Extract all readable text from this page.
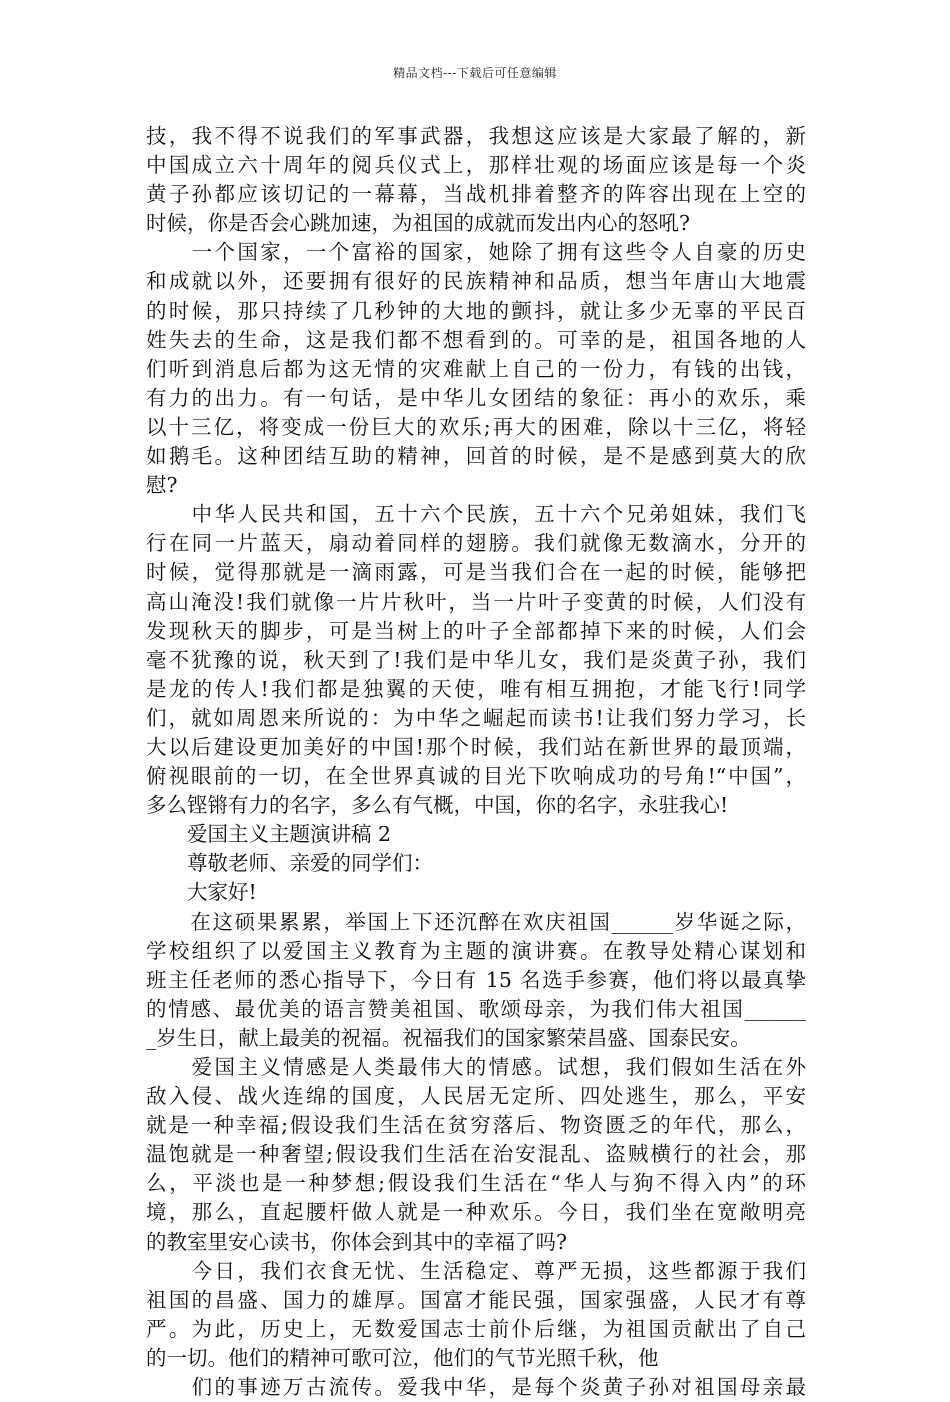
精品文档---下载后可任意编辑
技，我不得不说我们的军事武器，我想这应该是大家最了解的，新
中国成立六十周年的阅兵仪式上，那样壮观的场面应该是每一个炎
黄子孙都应该切记的一幕幕，当战机排着整齐的阵容出现在上空的
时候，你是否会心跳加速，为祖国的成就而发出内心的怒吼?
　　一个国家，一个富裕的国家，她除了拥有这些令人自豪的历史
和成就以外，还要拥有很好的民族精神和品质，想当年唐山大地震
的时候，那只持续了几秒钟的大地的颤抖，就让多少无辜的平民百
姓失去的生命，这是我们都不想看到的。可幸的是，祖国各地的人
们听到消息后都为这无情的灾难献上自己的一份力，有钱的出钱，
有力的出力。有一句话，是中华儿女团结的象征：再小的欢乐，乘
以十三亿，将变成一份巨大的欢乐;再大的困难，除以十三亿，将轻
如鹅毛。这种团结互助的精神，回首的时候，是不是感到莫大的欣
慰?
　　中华人民共和国，五十六个民族，五十六个兄弟姐妹，我们飞
行在同一片蓝天，扇动着同样的翅膀。我们就像无数滴水，分开的
时候，觉得那就是一滴雨露，可是当我们合在一起的时候，能够把
高山淹没!我们就像一片片秋叶，当一片叶子变黄的时候，人们没有
发现秋天的脚步，可是当树上的叶子全部都掉下来的时候，人们会
毫不犹豫的说，秋天到了!我们是中华儿女，我们是炎黄子孙，我们
是龙的传人!我们都是独翼的天使，唯有相互拥抱，才能飞行!同学
们，就如周恩来所说的：为中华之崛起而读书!让我们努力学习，长
大以后建设更加美好的中国!那个时候，我们站在新世界的最顶端，
俯视眼前的一切，在全世界真诚的目光下吹响成功的号角!“中国”，
多么铿锵有力的名字，多么有气概，中国，你的名字，永驻我心!
　　爱国主义主题演讲稿 2
　　尊敬老师、亲爱的同学们：
　　大家好!
　　在这硕果累累，举国上下还沉醉在欢庆祖国______岁华诞之际，
学校组织了以爱国主义教育为主题的演讲赛。在教导处精心谋划和
班主任老师的悉心指导下，今日有 15 名选手参赛，他们将以最真挚
的情感、最优美的语言赞美祖国、歌颂母亲，为我们伟大祖国______
_岁生日，献上最美的祝福。祝福我们的国家繁荣昌盛、国泰民安。
　　爱国主义情感是人类最伟大的情感。试想，我们假如生活在外
敌入侵、战火连绵的国度，人民居无定所、四处逃生，那么，平安
就是一种幸福;假设我们生活在贫穷落后、物资匮乏的年代，那么，
温饱就是一种奢望;假设我们生活在治安混乱、盗贼横行的社会，那
么，平淡也是一种梦想;假设我们生活在“华人与狗不得入内”的环
境，那么，直起腰杆做人就是一种欢乐。今日，我们坐在宽敞明亮
的教室里安心读书，你体会到其中的幸福了吗?
　　今日，我们衣食无忧、生活稳定、尊严无损，这些都源于我们
祖国的昌盛、国力的雄厚。国富才能民强，国家强盛，人民才有尊
严。为此，历史上，无数爱国志士前仆后继，为祖国贡献出了自己
的一切。他们的精神可歌可泣，他们的气节光照千秋，他
　　们的事迹万古流传。爱我中华，是每个炎黄子孙对祖国母亲最
